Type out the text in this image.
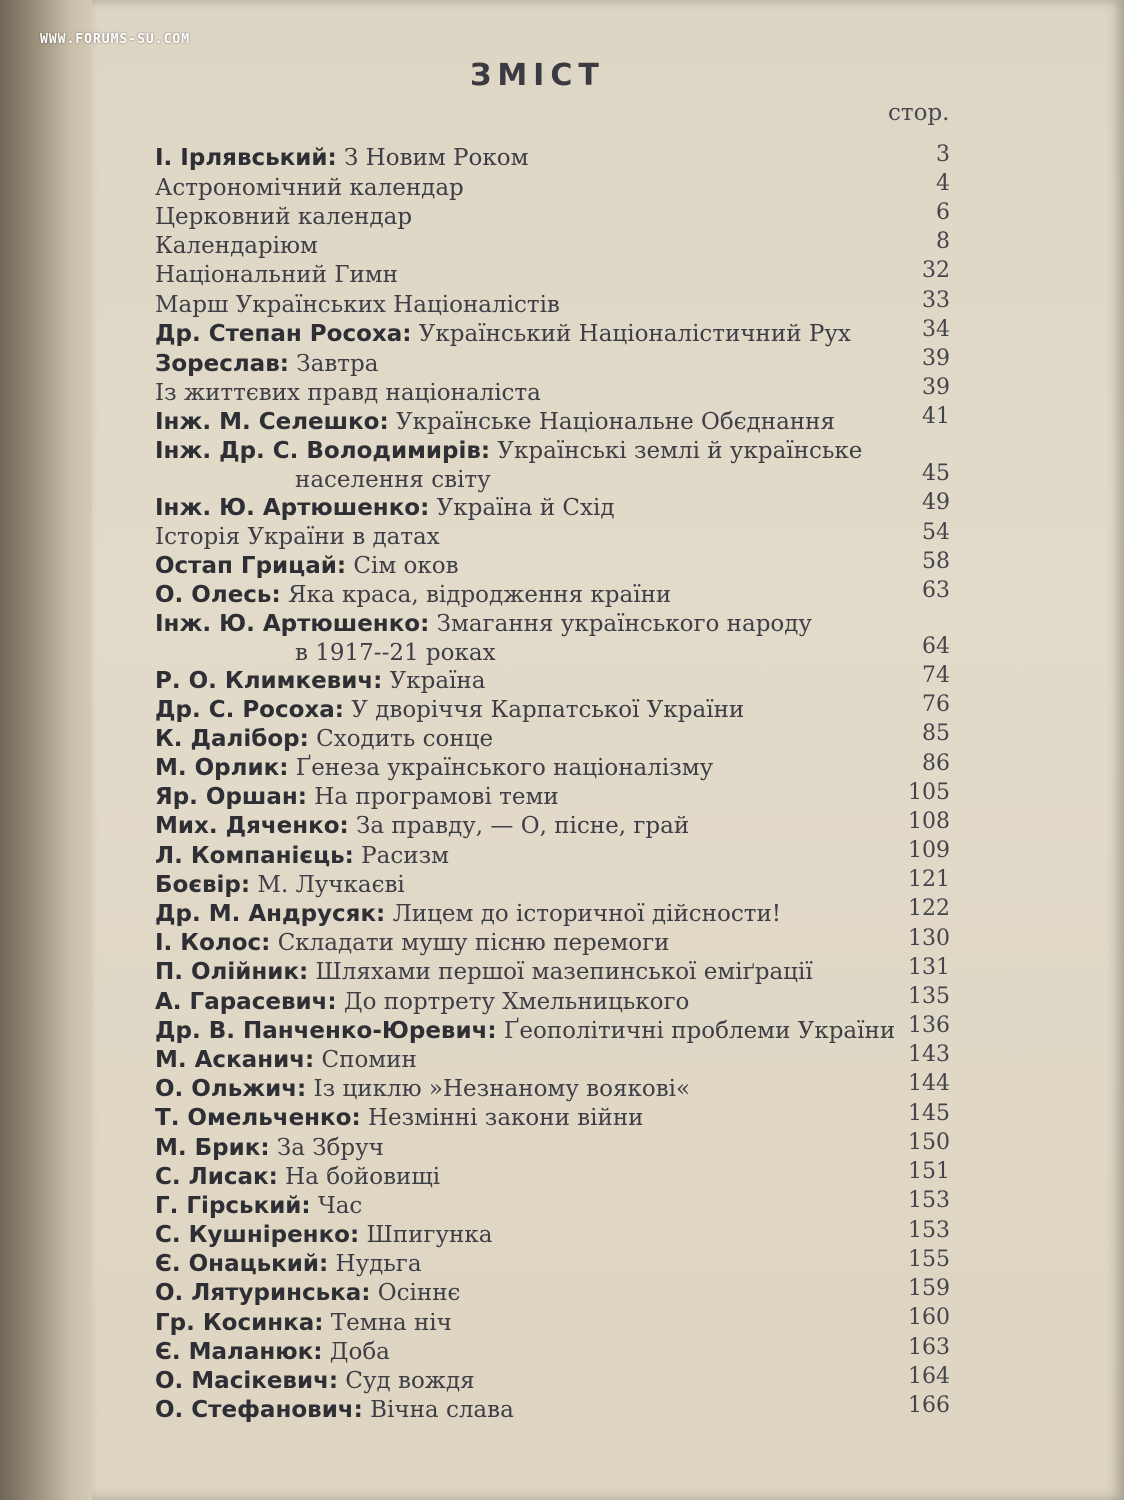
WWW.FORUMS-SU.COM
ЗМІСТ
стор.
І. Ірлявський: З Новим Роком	3
Астрономічний календар	4
Церковний календар	6
Календаріюм	8
Національний Гимн	32
Марш Українських Націоналістів	33
Др. Степан Росоха: Український Націоналістичний Рух	34
Зореслав: Завтра	39
Із життєвих правд націоналіста	39
Інж. М. Селешко: Українське Національне Обєднання	41
Інж. Др. С. Володимирів: Українські землі й українське
населення світу	45
Інж. Ю. Артюшенко: Україна й Схід	49
Історія України в датах	54
Остап Грицай: Сім оков	58
О. Олесь: Яка краса, відродження країни	63
Інж. Ю. Артюшенко: Змагання українського народу
в 1917--21 роках	64
Р. О. Климкевич: Україна	74
Др. С. Росоха: У дворіччя Карпатської України	76
К. Далібор: Сходить сонце	85
М. Орлик: Ґенеза українського націоналізму	86
Яр. Оршан: На програмові теми	105
Мих. Дяченко: За правду, — О, пісне, грай	108
Л. Компанієць: Расизм	109
Боєвір: М. Лучкаєві	121
Др. М. Андрусяк: Лицем до історичної дійсности!	122
І. Колос: Складати мушу пісню перемоги	130
П. Олійник: Шляхами першої мазепинської еміґрації	131
А. Гарасевич: До портрету Хмельницького	135
Др. В. Панченко-Юревич: Ґеополітичні проблеми України 136
М. Асканич: Спомин	143
О. Ольжич: Із циклю »Незнаному воякові«	144
Т. Омельченко: Незмінні закони війни	145
М. Брик: За Збруч	150
С. Лисак: На бойовищі	151
Г. Гірський: Час	153
С. Кушніренко: Шпигунка	153
Є. Онацький: Нудьга	155
О. Лятуринська: Осіннє	159
Гр. Косинка: Темна ніч	160
Є. Маланюк: Доба	163
О. Масікевич: Суд вождя	164
О. Стефанович: Вічна слава	166
